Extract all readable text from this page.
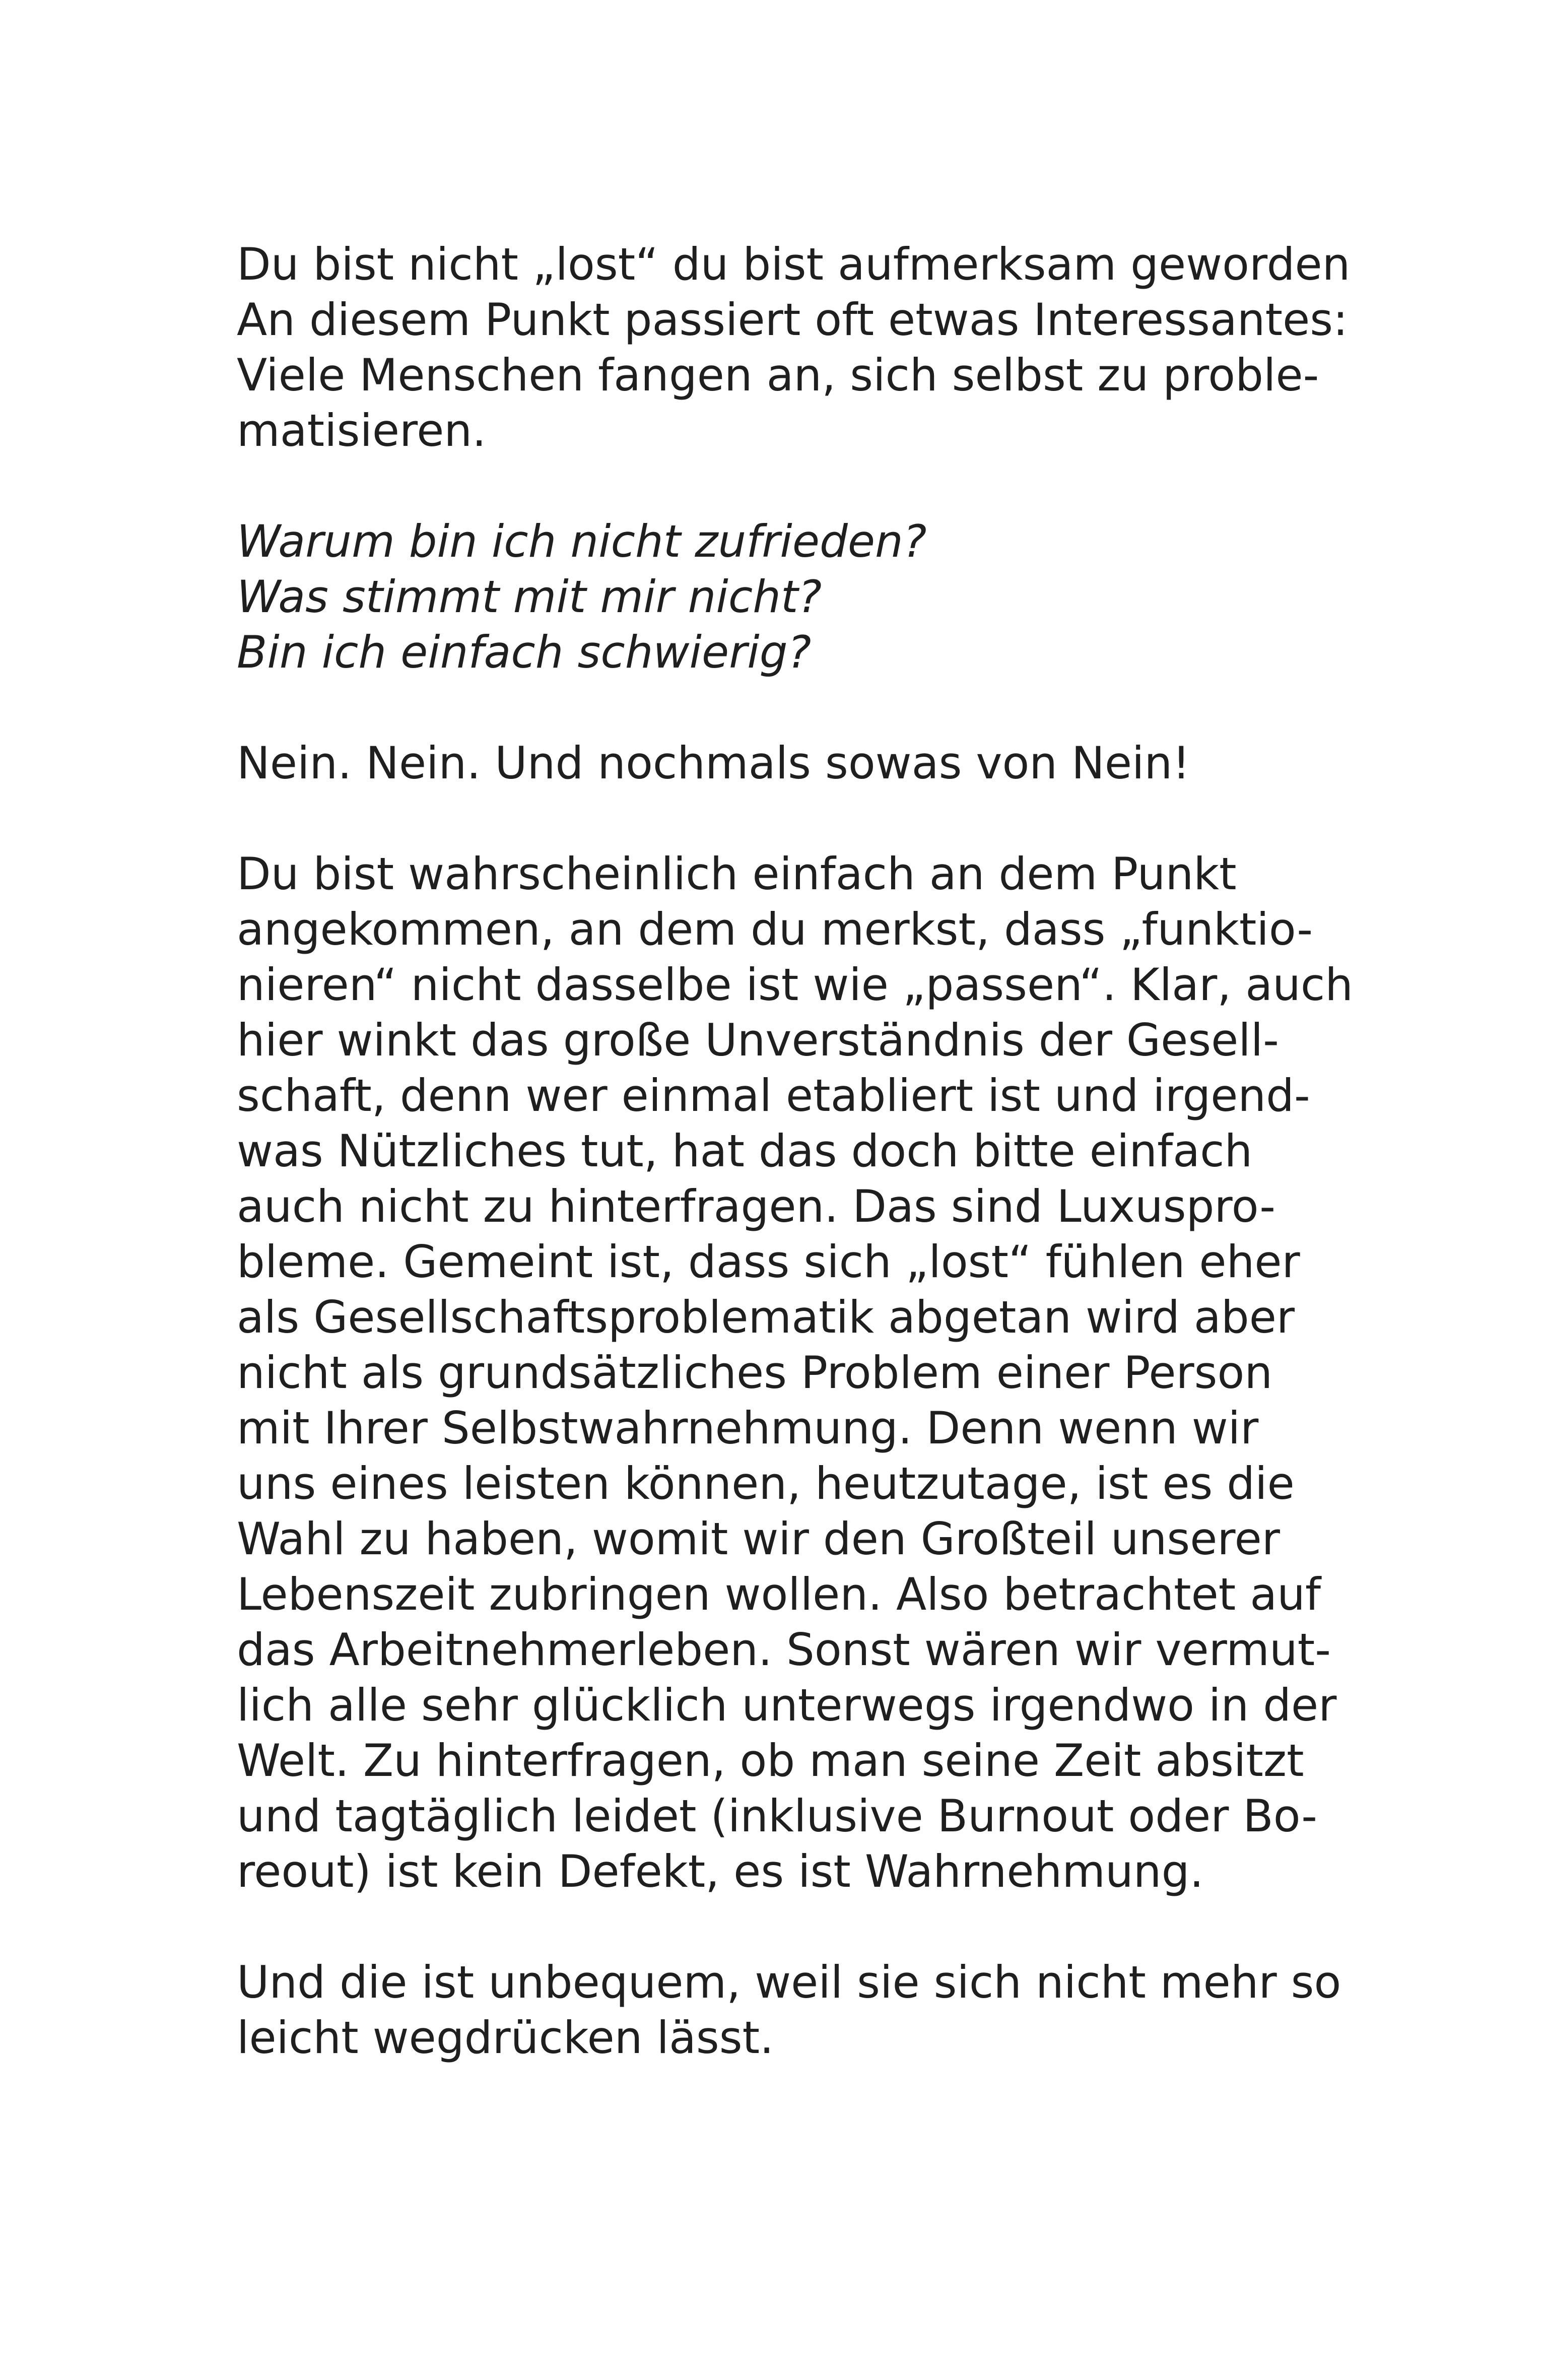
Du bist nicht „lost“ du bist aufmerksam geworden
An diesem Punkt passiert oft etwas Interessantes:
Viele Menschen fangen an, sich selbst zu proble-
matisieren.
Warum bin ich nicht zufrieden?
Was stimmt mit mir nicht?
Bin ich einfach schwierig?
Nein. Nein. Und nochmals sowas von Nein!
Du bist wahrscheinlich einfach an dem Punkt
angekommen, an dem du merkst, dass „funktio-
nieren“ nicht dasselbe ist wie „passen“. Klar, auch
hier winkt das große Unverständnis der Gesell-
schaft, denn wer einmal etabliert ist und irgend-
was Nützliches tut, hat das doch bitte einfach
auch nicht zu hinterfragen. Das sind Luxuspro-
bleme. Gemeint ist, dass sich „lost“ fühlen eher
als Gesellschaftsproblematik abgetan wird aber
nicht als grundsätzliches Problem einer Person
mit Ihrer Selbstwahrnehmung. Denn wenn wir
uns eines leisten können, heutzutage, ist es die
Wahl zu haben, womit wir den Großteil unserer
Lebenszeit zubringen wollen. Also betrachtet auf
das Arbeitnehmerleben. Sonst wären wir vermut-
lich alle sehr glücklich unterwegs irgendwo in der
Welt. Zu hinterfragen, ob man seine Zeit absitzt
und tagtäglich leidet (inklusive Burnout oder Bo-
reout) ist kein Defekt, es ist Wahrnehmung.
Und die ist unbequem, weil sie sich nicht mehr so
leicht wegdrücken lässt.
